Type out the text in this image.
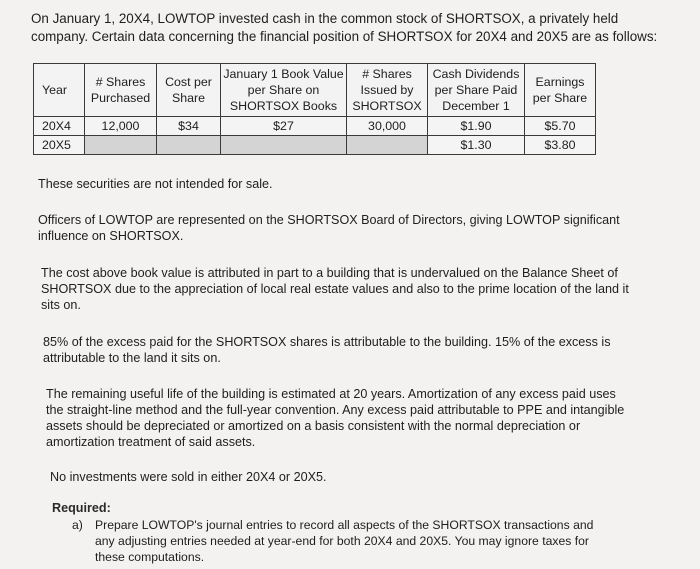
On January 1, 20X4, LOWTOP invested cash in the common stock of SHORTSOX, a privately held company. Certain data concerning the financial position of SHORTSOX for 20X4 and 20X5 are as follows:
Year	# Shares Purchased	Cost per Share	January 1 Book Value per Share on SHORTSOX Books	# Shares Issued by SHORTSOX	Cash Dividends per Share Paid December 1	Earnings per Share
20X4	12,000	$34	$27	30,000	$1.90	$5.70
20X5					$1.30	$3.80
These securities are not intended for sale.
Officers of LOWTOP are represented on the SHORTSOX Board of Directors, giving LOWTOP significant influence on SHORTSOX.
The cost above book value is attributed in part to a building that is undervalued on the Balance Sheet of SHORTSOX due to the appreciation of local real estate values and also to the prime location of the land it sits on.
85% of the excess paid for the SHORTSOX shares is attributable to the building. 15% of the excess is attributable to the land it sits on.
The remaining useful life of the building is estimated at 20 years. Amortization of any excess paid uses the straight-line method and the full-year convention. Any excess paid attributable to PPE and intangible assets should be depreciated or amortized on a basis consistent with the normal depreciation or amortization treatment of said assets.
No investments were sold in either 20X4 or 20X5.
Required:
a) Prepare LOWTOP's journal entries to record all aspects of the SHORTSOX transactions and any adjusting entries needed at year-end for both 20X4 and 20X5. You may ignore taxes for these computations.
